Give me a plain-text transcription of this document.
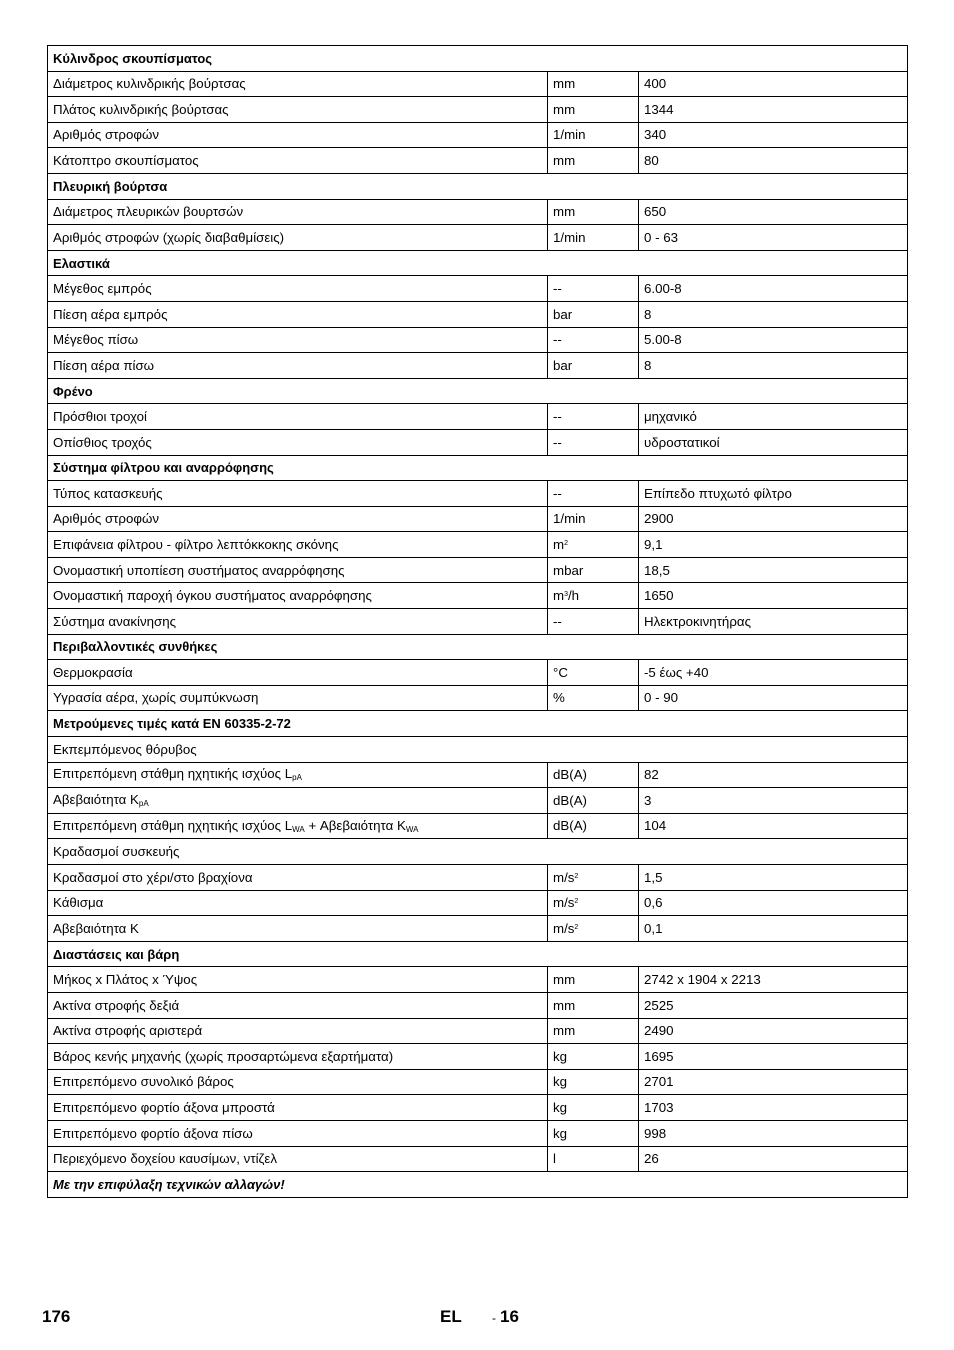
Κύλινδρος σκουπίσματος		
Διάμετρος κυλινδρικής βούρτσας	mm	400
Πλάτος κυλινδρικής βούρτσας	mm	1344
Αριθμός στροφών	1/min	340
Κάτοπτρο σκουπίσματος	mm	80
Πλευρική βούρτσα		
Διάμετρος πλευρικών βουρτσών	mm	650
Αριθμός στροφών (χωρίς διαβαθμίσεις)	1/min	0 - 63
Ελαστικά		
Μέγεθος εμπρός	--	6.00-8
Πίεση αέρα εμπρός	bar	8
Μέγεθος πίσω	--	5.00-8
Πίεση αέρα πίσω	bar	8
Φρένο		
Πρόσθιοι τροχοί	--	μηχανικό
Οπίσθιος τροχός	--	υδροστατικοί
Σύστημα φίλτρου και αναρρόφησης		
Τύπος κατασκευής	--	Επίπεδο πτυχωτό φίλτρο
Αριθμός στροφών	1/min	2900
Επιφάνεια φίλτρου - φίλτρο λεπτόκκοκης σκόνης	$m^2$	9,1
Ονομαστική υποπίεση συστήματος αναρρόφησης	mbar	18,5
Ονομαστική παροχή όγκου συστήματος αναρρόφησης	$m^3/h$	1650
Σύστημα ανακίνησης	--	Ηλεκτροκινητήρας
Περιβαλλοντικές συνθήκες		
Θερμοκρασία	°C	-5 έως +40
Υγρασία αέρα, χωρίς συμπύκνωση	%	0 - 90
Μετρούμενες τιμές κατά EN 60335-2-72		
Εκπεμπόμενος θόρυβος		
Επιτρεπόμενη στάθμη ηχητικής ισχύος $L_{pA}$	dB(A)	82
Αβεβαιότητα $K_{pA}$	dB(A)	3
Επιτρεπόμενη στάθμη ηχητικής ισχύος $L_{WA} + A\beta\varepsilon\beta\alpha\iota ό\tau\eta\tau\alpha$ $K_{WA}$	dB(A)	104
Κραδασμοί συσκευής		
Κραδασμοί στο χέρι/στο βραχίονα	$m/s^2$	1,5
Κάθισμα	$m/s^2$	0,6
Αβεβαιότητα K	$m/s^2$	0,1
Διαστάσεις και βάρη		
Μήκος x Πλάτος x Ύψος	mm	2742 x 1904 x 2213
Ακτίνα στροφής δεξιά	mm	2525
Ακτίνα στροφής αριστερά	mm	2490
Βάρος κενής μηχανής (χωρίς προσαρτώμενα εξαρτήματα)	kg	1695
Επιτρεπόμενο συνολικό βάρος	kg	2701
Επιτρεπόμενο φορτίο άξονα μπροστά	kg	1703
Επιτρεπόμενο φορτίο άξονα πίσω	kg	998
Περιεχόμενο δοχείου καυσίμων, ντίζελ	l	26
Με την επιφύλαξη τεχνικών αλλαγών!		
176	EL	- 16
